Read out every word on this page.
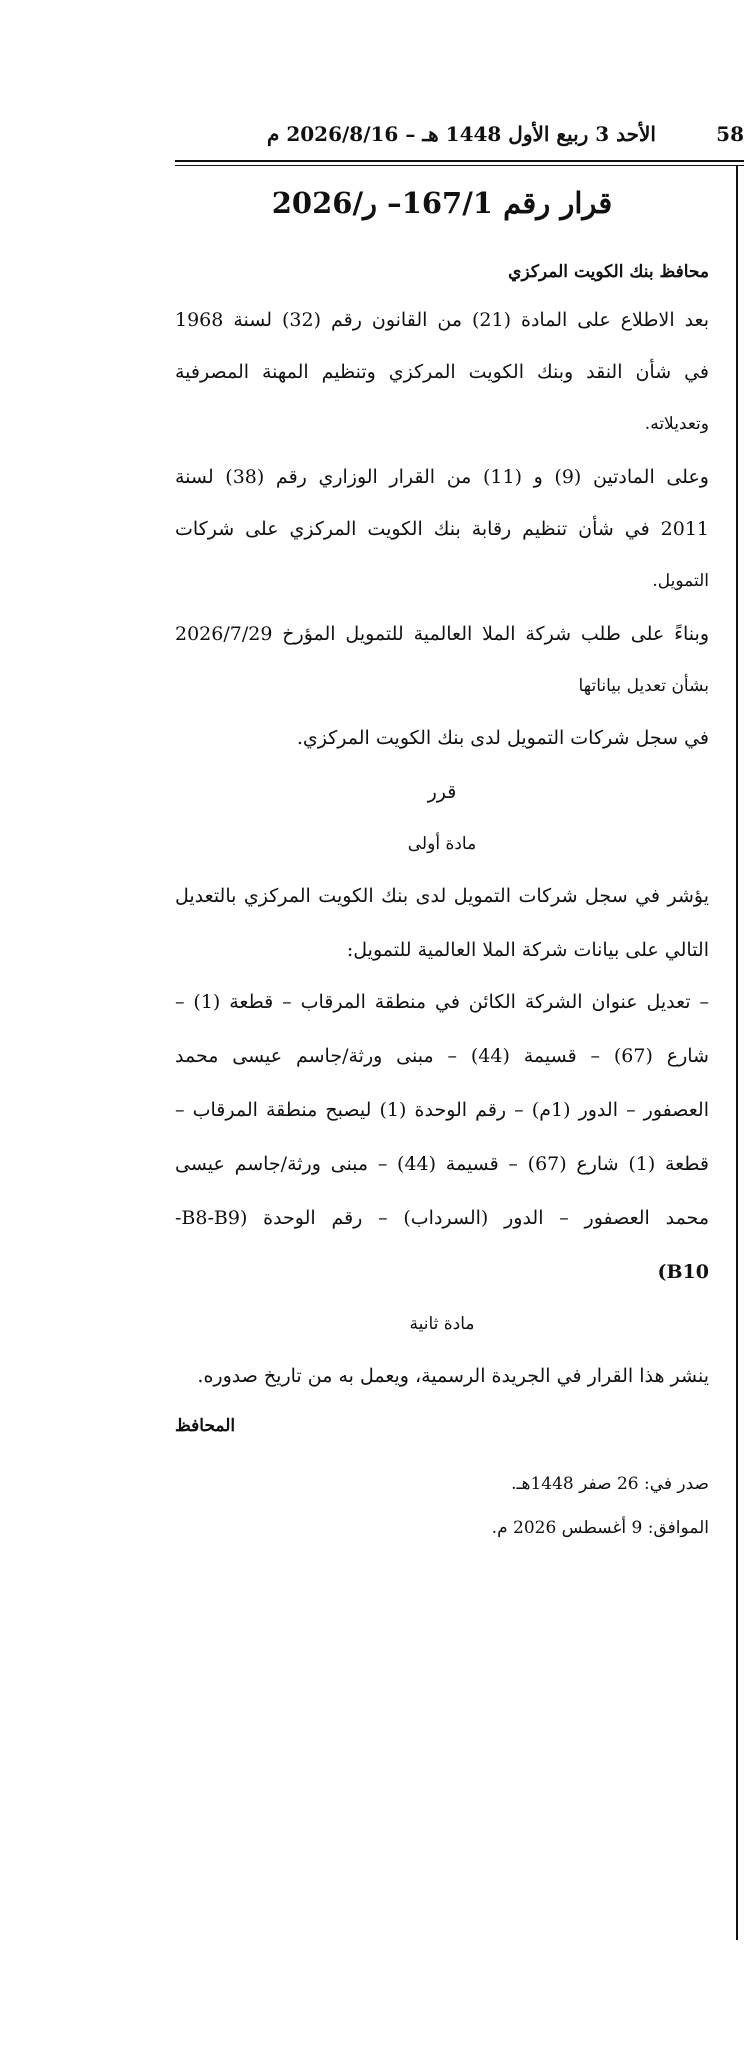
58
الأحد 3 ربيع الأول 1448 هـ – 2026/8/16 م
قرار رقم 167/1– ر/2026
محافظ بنك الكويت المركزي
بعد الاطلاع على المادة (21) من القانون رقم (32) لسنة 1968
في شأن النقد وبنك الكويت المركزي وتنظيم المهنة المصرفية
وتعديلاته.
وعلى المادتين (9) و (11) من القرار الوزاري رقم (38) لسنة
2011 في شأن تنظيم رقابة بنك الكويت المركزي على شركات
التمويل.
وبناءً على طلب شركة الملا العالمية للتمويل المؤرخ 2026/7/29
بشأن تعديل بياناتها
في سجل شركات التمويل لدى بنك الكويت المركزي.
قرر
مادة أولى
يؤشر في سجل شركات التمويل لدى بنك الكويت المركزي بالتعديل
التالي على بيانات شركة الملا العالمية للتمويل:
– تعديل عنوان الشركة الكائن في منطقة المرقاب – قطعة (1) –
شارع (67) – قسيمة (44) – مبنى ورثة/جاسم عيسى محمد
العصفور – الدور (1م) – رقم الوحدة (1) ليصبح منطقة المرقاب –
قطعة (1) شارع (67) – قسيمة (44) – مبنى ورثة/جاسم عيسى
محمد العصفور – الدور (السرداب) – رقم الوحدة (B8-B9-
B10)
مادة ثانية
ينشر هذا القرار في الجريدة الرسمية، ويعمل به من تاريخ صدوره.
المحافظ
صدر في: 26 صفر 1448هـ.
الموافق: 9 أغسطس 2026 م.
